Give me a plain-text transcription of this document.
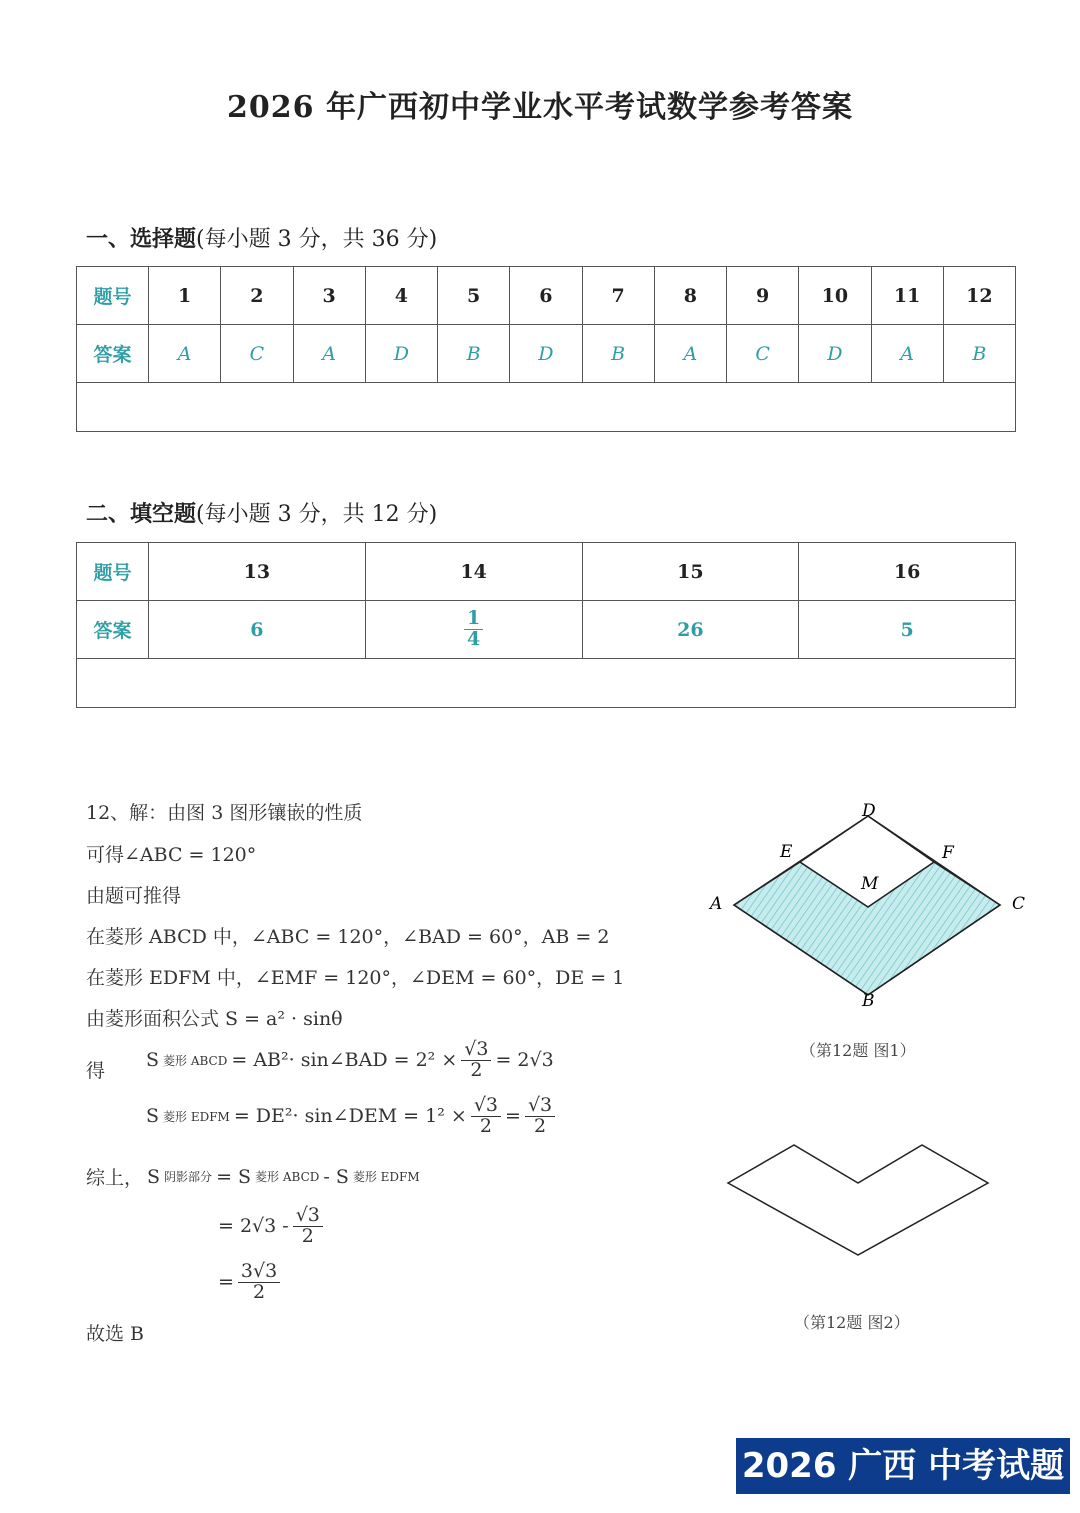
2026 年广西初中学业水平考试数学参考答案
一、选择题(每小题 3 分，共 36 分)
题号	1	2	3	4	5	6	7	8	9	10	11	12
答案	A	C	A	D	B	D	B	A	C	D	A	B

二、填空题(每小题 3 分，共 12 分)
题号	13	14	15	16
答案	6	$\frac{1}{4}$	26	5

12、解：由图 3 图形镶嵌的性质
可得∠ABC = 120°
由题可推得
在菱形 ABCD 中，∠ABC = 120°，∠BAD = 60°，AB = 2
在菱形 EDFM 中，∠EMF = 120°，∠DEM = 60°，DE = 1
由菱形面积公式 S = a² · sinθ
得 S 菱形 ABCD = AB²· sin∠BAD = $2^2 \times \frac{√3}{2} = 2√3$
S 菱形 EDFM = DE²· sin∠DEM = $1^2 \times \frac{√3}{2} = \frac{√3}{2}$
综上， S 阴影部分 = S 菱形 ABCD - S 菱形 EDFM
= $2√3 - \frac{√3}{2}$
= $\frac{3√3}{2}$
故选 B
D
E	F
M
A	C
B
（第12题 图1）
（第12题 图2）
2026 广西 中考试题
